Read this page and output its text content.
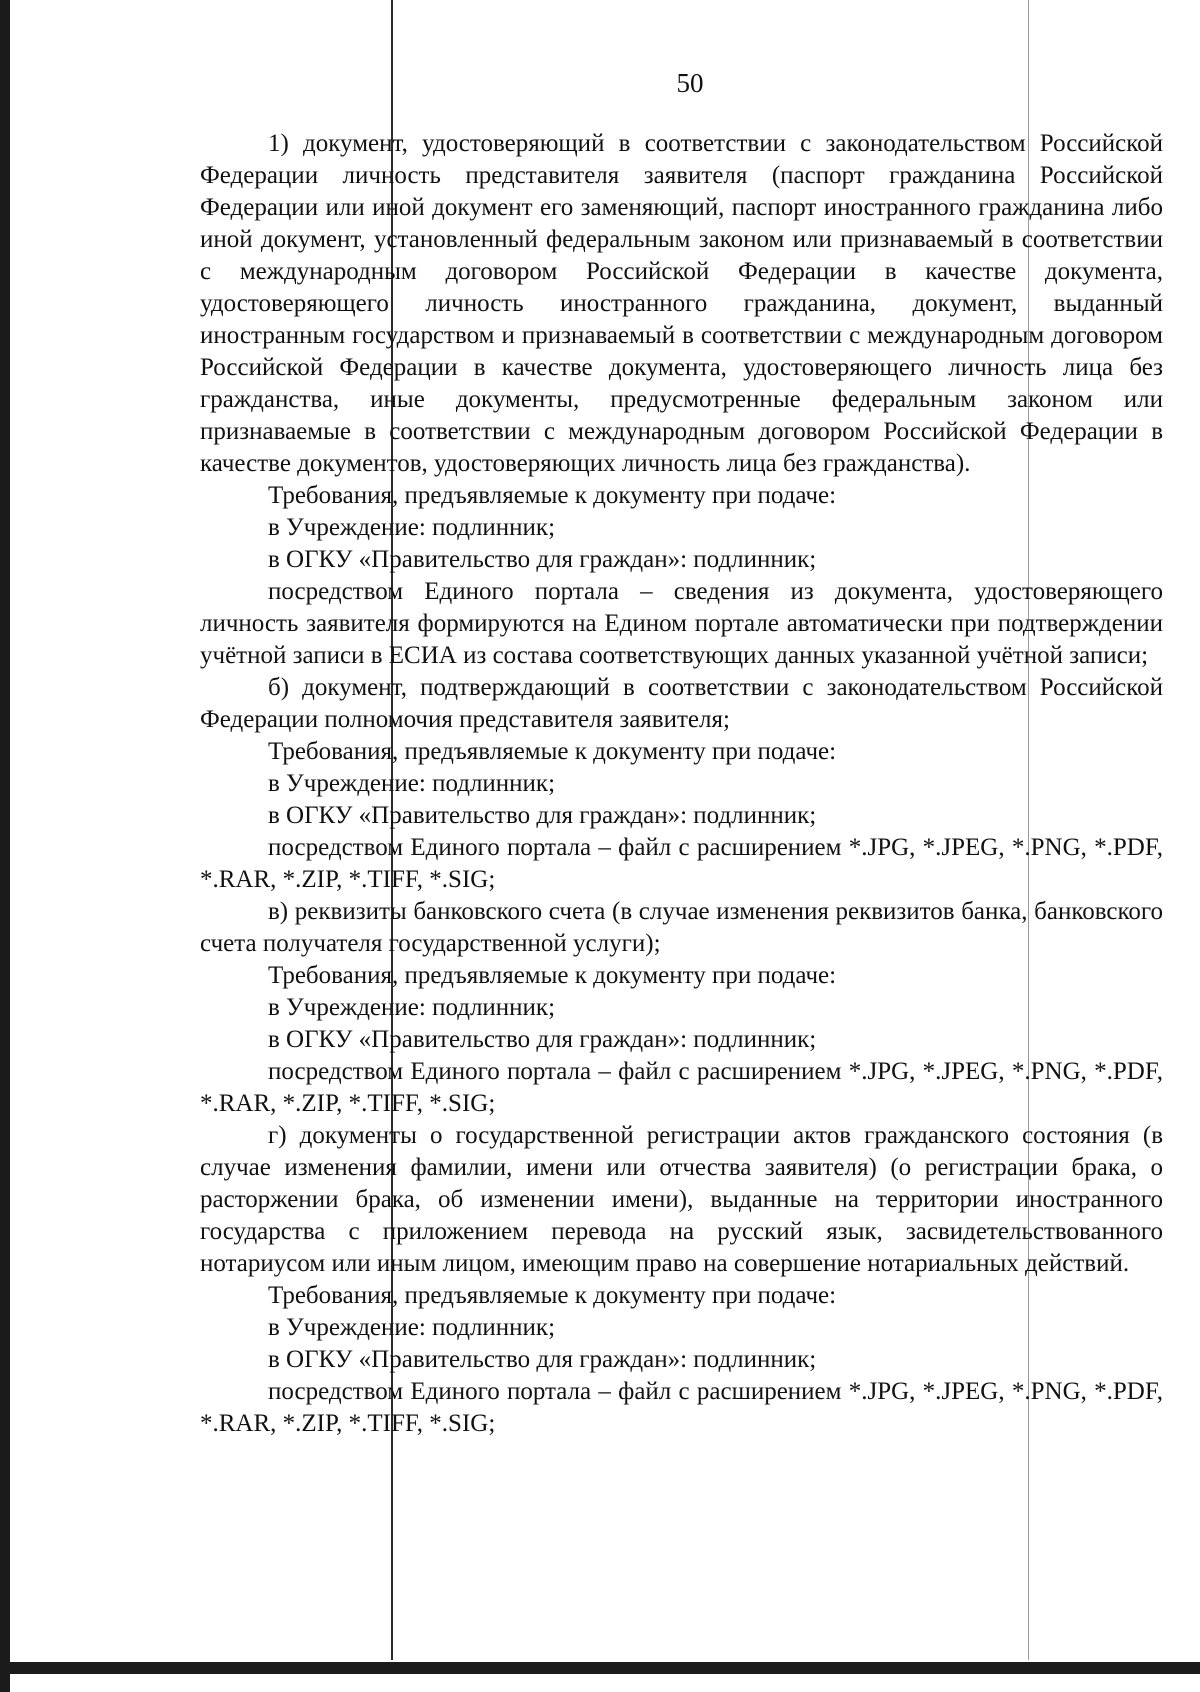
50

1) документ, удостоверяющий в соответствии с законодательством Российской Федерации личность представителя заявителя (паспорт гражданина Российской Федерации или иной документ его заменяющий, паспорт иностранного гражданина либо иной документ, установленный федеральным законом или признаваемый в соответствии с международным договором Российской Федерации в качестве документа, удостоверяющего личность иностранного гражданина, документ, выданный иностранным государством и признаваемый в соответствии с международным договором Российской Федерации в качестве документа, удостоверяющего личность лица без гражданства, иные документы, предусмотренные федеральным законом или признаваемые в соответствии с международным договором Российской Федерации в качестве документов, удостоверяющих личность лица без гражданства).

Требования, предъявляемые к документу при подаче:

в Учреждение: подлинник;

в ОГКУ «Правительство для граждан»: подлинник;

посредством Единого портала – сведения из документа, удостоверяющего личность заявителя формируются на Едином портале автоматически при подтверждении учётной записи в ЕСИА из состава соответствующих данных указанной учётной записи;

б) документ, подтверждающий в соответствии с законодательством Российской Федерации полномочия представителя заявителя;

Требования, предъявляемые к документу при подаче:

в Учреждение: подлинник;

в ОГКУ «Правительство для граждан»: подлинник;

посредством Единого портала – файл с расширением *.JPG, *.JPEG, *.PNG, *.PDF, *.RAR, *.ZIP, *.TIFF, *.SIG;

в) реквизиты банковского счета (в случае изменения реквизитов банка, банковского счета получателя государственной услуги);

Требования, предъявляемые к документу при подаче:

в Учреждение: подлинник;

в ОГКУ «Правительство для граждан»: подлинник;

посредством Единого портала – файл с расширением *.JPG, *.JPEG, *.PNG, *.PDF, *.RAR, *.ZIP, *.TIFF, *.SIG;

г) документы о государственной регистрации актов гражданского состояния (в случае изменения фамилии, имени или отчества заявителя) (о регистрации брака, о расторжении брака, об изменении имени), выданные на территории иностранного государства с приложением перевода на русский язык, засвидетельствованного нотариусом или иным лицом, имеющим право на совершение нотариальных действий.

Требования, предъявляемые к документу при подаче:

в Учреждение: подлинник;

в ОГКУ «Правительство для граждан»: подлинник;

посредством Единого портала – файл с расширением *.JPG, *.JPEG, *.PNG, *.PDF, *.RAR, *.ZIP, *.TIFF, *.SIG;
